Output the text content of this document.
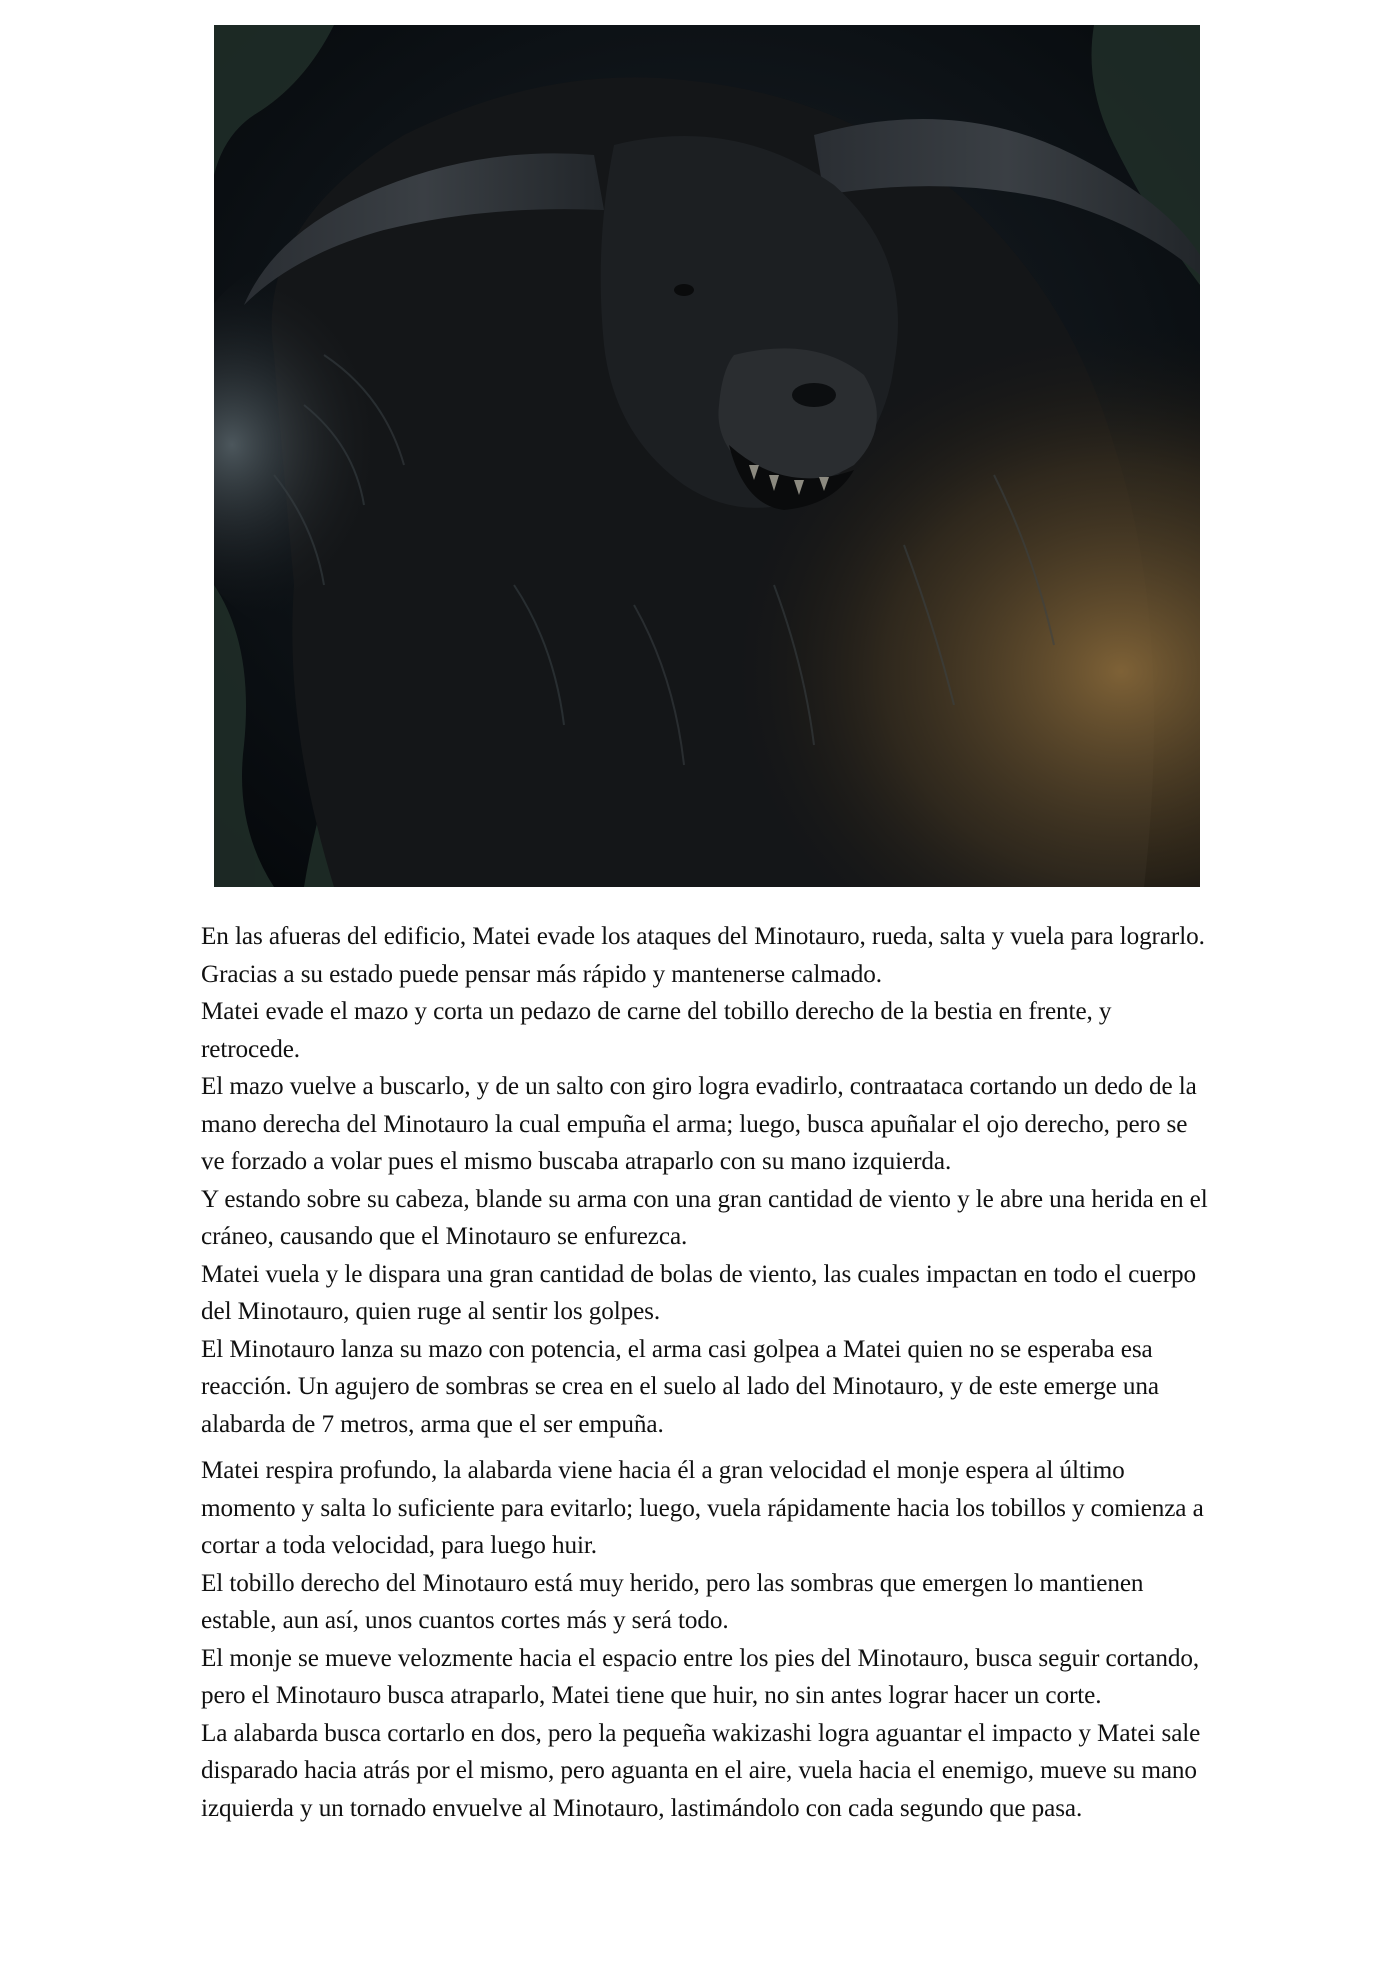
En las afueras del edificio, Matei evade los ataques del Minotauro, rueda, salta y vuela para lograrlo. Gracias a su estado puede pensar más rápido y mantenerse calmado.

Matei evade el mazo y corta un pedazo de carne del tobillo derecho de la bestia en frente, y retrocede.

El mazo vuelve a buscarlo, y de un salto con giro logra evadirlo, contraataca cortando un dedo de la mano derecha del Minotauro la cual empuña el arma; luego, busca apuñalar el ojo derecho, pero se ve forzado a volar pues el mismo buscaba atraparlo con su mano izquierda.

Y estando sobre su cabeza, blande su arma con una gran cantidad de viento y le abre una herida en el cráneo, causando que el Minotauro se enfurezca.

Matei vuela y le dispara una gran cantidad de bolas de viento, las cuales impactan en todo el cuerpo del Minotauro, quien ruge al sentir los golpes.

El Minotauro lanza su mazo con potencia, el arma casi golpea a Matei quien no se esperaba esa reacción. Un agujero de sombras se crea en el suelo al lado del Minotauro, y de este emerge una alabarda de 7 metros, arma que el ser empuña.

Matei respira profundo, la alabarda viene hacia él a gran velocidad el monje espera al último momento y salta lo suficiente para evitarlo; luego, vuela rápidamente hacia los tobillos y comienza a cortar a toda velocidad, para luego huir.

El tobillo derecho del Minotauro está muy herido, pero las sombras que emergen lo mantienen estable, aun así, unos cuantos cortes más y será todo.

El monje se mueve velozmente hacia el espacio entre los pies del Minotauro, busca seguir cortando, pero el Minotauro busca atraparlo, Matei tiene que huir, no sin antes lograr hacer un corte.

La alabarda busca cortarlo en dos, pero la pequeña wakizashi logra aguantar el impacto y Matei sale disparado hacia atrás por el mismo, pero aguanta en el aire, vuela hacia el enemigo, mueve su mano izquierda y un tornado envuelve al Minotauro, lastimándolo con cada segundo que pasa.
